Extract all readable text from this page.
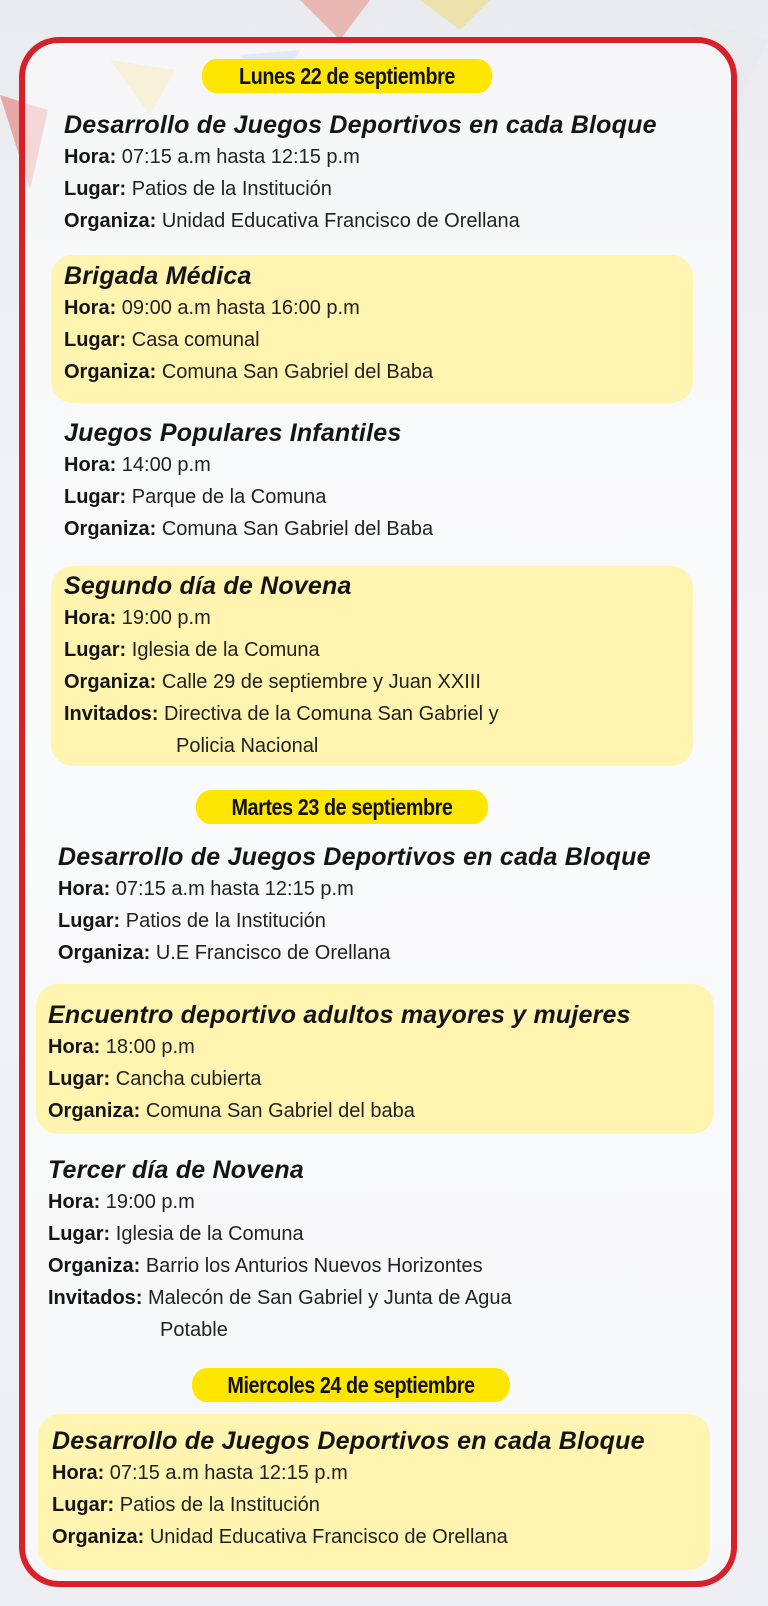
Lunes 22 de septiembre
Desarrollo de Juegos Deportivos en cada Bloque
Hora: 07:15 a.m hasta 12:15 p.m
Lugar: Patios de la Institución
Organiza: Unidad Educativa Francisco de Orellana
Brigada Médica
Hora: 09:00 a.m hasta 16:00 p.m
Lugar: Casa comunal
Organiza: Comuna San Gabriel del Baba
Juegos Populares Infantiles
Hora: 14:00 p.m
Lugar: Parque de la Comuna
Organiza: Comuna San Gabriel del Baba
Segundo día de Novena
Hora: 19:00 p.m
Lugar: Iglesia de la Comuna
Organiza: Calle 29 de septiembre y Juan XXIII
Invitados: Directiva de la Comuna San Gabriel y
Policia Nacional
Martes 23 de septiembre
Desarrollo de Juegos Deportivos en cada Bloque
Hora: 07:15 a.m hasta 12:15 p.m
Lugar: Patios de la Institución
Organiza: U.E Francisco de Orellana
Encuentro deportivo adultos mayores y mujeres
Hora: 18:00 p.m
Lugar: Cancha cubierta
Organiza: Comuna San Gabriel del baba
Tercer día de Novena
Hora: 19:00 p.m
Lugar: Iglesia de la Comuna
Organiza: Barrio los Anturios Nuevos Horizontes
Invitados: Malecón de San Gabriel y Junta de Agua
Potable
Miercoles 24 de septiembre
Desarrollo de Juegos Deportivos en cada Bloque
Hora: 07:15 a.m hasta 12:15 p.m
Lugar: Patios de la Institución
Organiza: Unidad Educativa Francisco de Orellana
